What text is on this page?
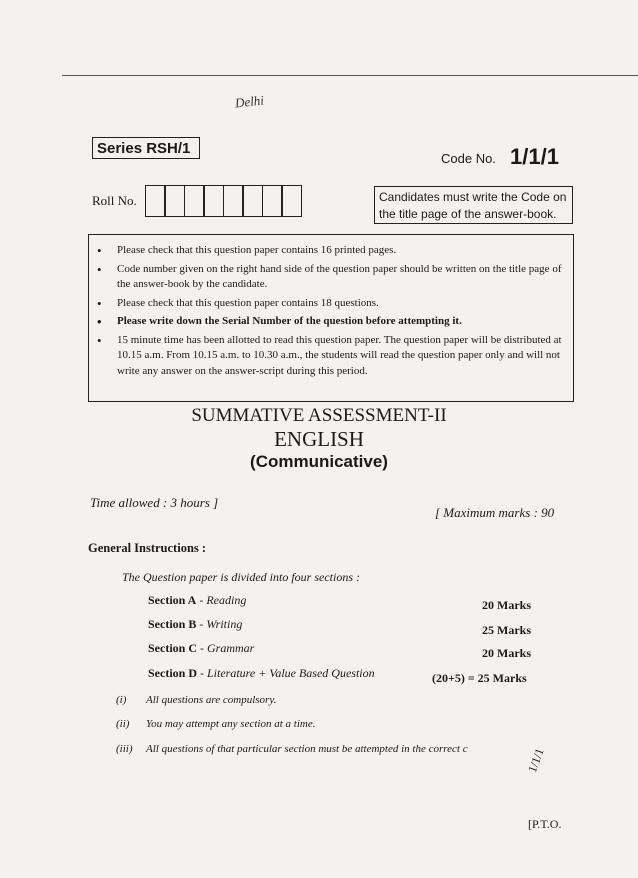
Delhi
Series RSH/1
Code No. 1/1/1
Roll No.	Candidates must write the Code on the title page of the answer-book.
• Please check that this question paper contains 16 printed pages.
• Code number given on the right hand side of the question paper should be written on the title page of the answer-book by the candidate.
• Please check that this question paper contains 18 questions.
• Please write down the Serial Number of the question before attempting it.
• 15 minute time has been allotted to read this question paper. The question paper will be distributed at 10.15 a.m. From 10.15 a.m. to 10.30 a.m., the students will read the question paper only and will not write any answer on the answer-script during this period.
SUMMATIVE ASSESSMENT-II
ENGLISH
(Communicative)
Time allowed : 3 hours ]
[ Maximum marks : 90
General Instructions :
The Question paper is divided into four sections :
Section A - Reading	20 Marks
Section B - Writing	25 Marks
Section C - Grammar	20 Marks
Section D - Literature + Value Based Question	(20+5) = 25 Marks
(i) All questions are compulsory.
(ii) You may attempt any section at a time.
(iii) All questions of that particular section must be attempted in the correct c	1/1/1
[P.T.O.
